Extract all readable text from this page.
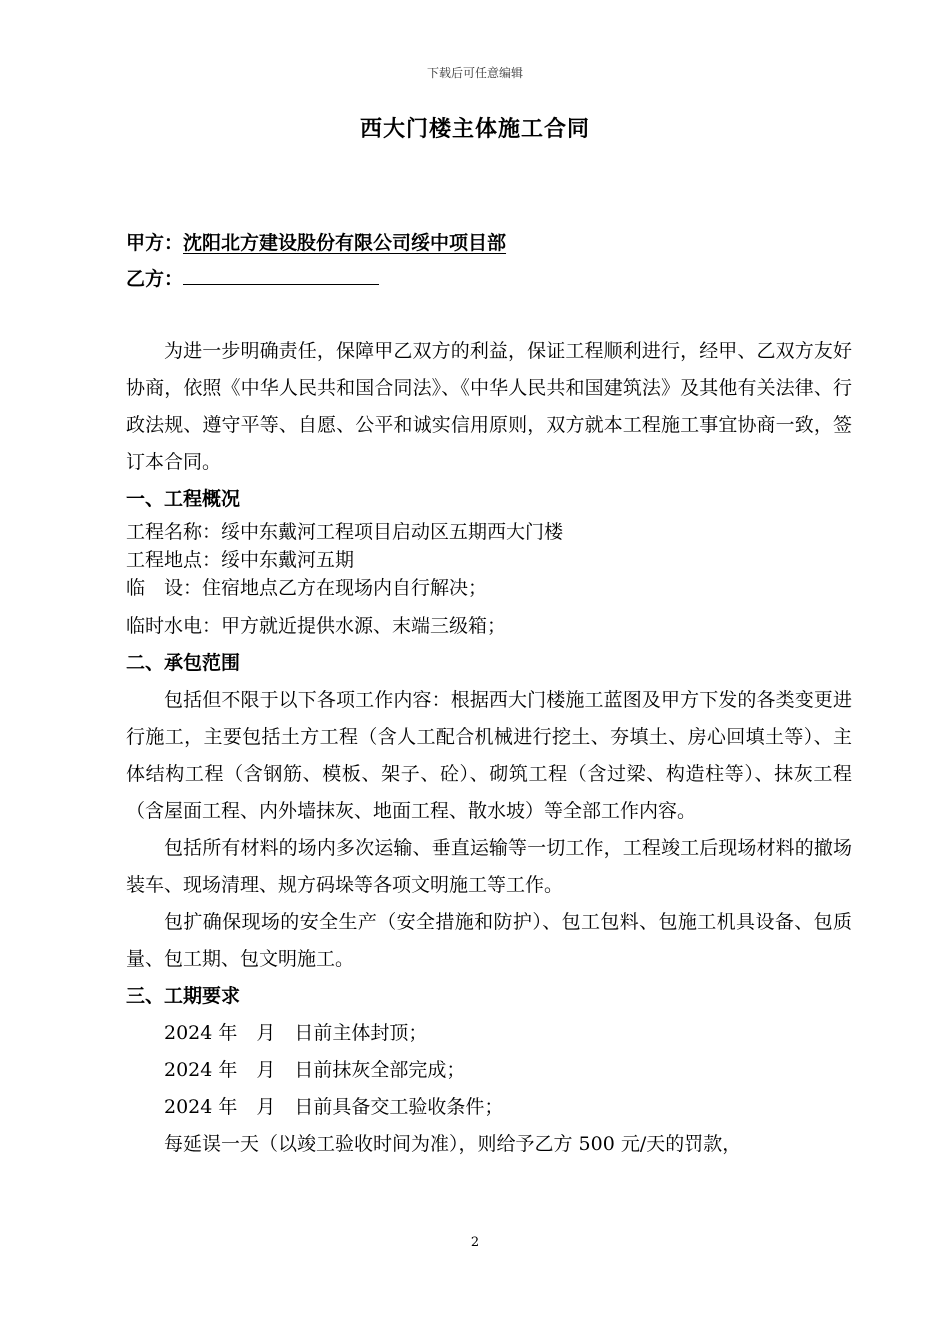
下载后可任意编辑
西大门楼主体施工合同
甲方：沈阳北方建设股份有限公司绥中项目部
乙方：

为进一步明确责任，保障甲乙双方的利益，保证工程顺利进行，经甲、乙双方友好协商，依照《中华人民共和国合同法》、《中华人民共和国建筑法》及其他有关法律、行政法规、遵守平等、自愿、公平和诚实信用原则，双方就本工程施工事宜协商一致，签订本合同。

一、工程概况

工程名称：绥中东戴河工程项目启动区五期西大门楼

工程地点：绥中东戴河五期

临　设：住宿地点乙方在现场内自行解决；

临时水电：甲方就近提供水源、末端三级箱；

二、承包范围

包括但不限于以下各项工作内容：根据西大门楼施工蓝图及甲方下发的各类变更进行施工，主要包括土方工程（含人工配合机械进行挖土、夯填土、房心回填土等）、主体结构工程（含钢筋、模板、架子、砼）、砌筑工程（含过梁、构造柱等）、抹灰工程（含屋面工程、内外墙抹灰、地面工程、散水坡）等全部工作内容。

包括所有材料的场内多次运输、垂直运输等一切工作，工程竣工后现场材料的撤场装车、现场清理、规方码垛等各项文明施工等工作。

包扩确保现场的安全生产（安全措施和防护）、包工包料、包施工机具设备、包质量、包工期、包文明施工。

三、工期要求

2024 年　月　日前主体封顶；

2024 年　月　日前抹灰全部完成；

2024 年　月　日前具备交工验收条件；

每延误一天（以竣工验收时间为准），则给予乙方 500 元/天的罚款，

2
